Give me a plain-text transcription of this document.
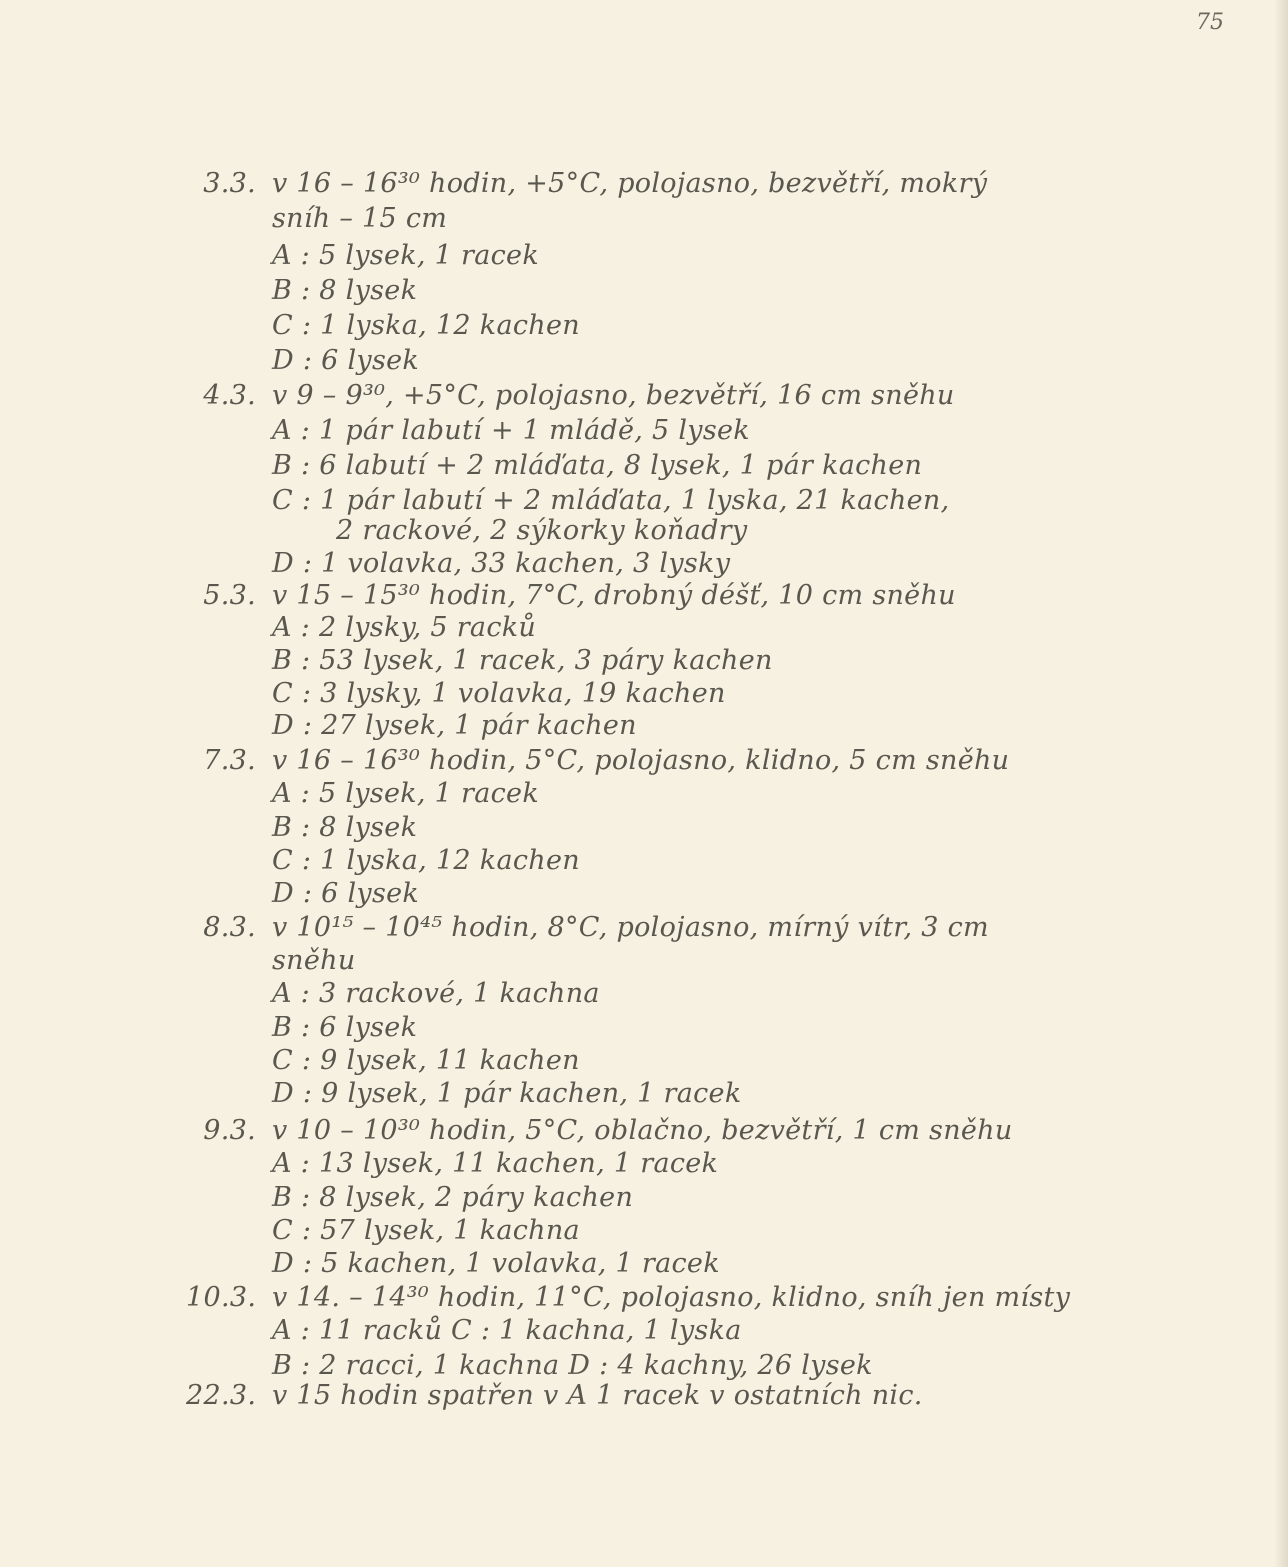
75
3.3. v 16 – 16³⁰ hodin, +5°C, polojasno, bezvětří, mokrý
sníh – 15 cm
A : 5 lysek, 1 racek
B : 8 lysek
C : 1 lyska, 12 kachen
D : 6 lysek
4.3. v 9 – 9³⁰, +5°C, polojasno, bezvětří, 16 cm sněhu
A : 1 pár labutí + 1 mládě, 5 lysek
B : 6 labutí + 2 mláďata, 8 lysek, 1 pár kachen
C : 1 pár labutí + 2 mláďata, 1 lyska, 21 kachen,
2 rackové, 2 sýkorky koňadry
D : 1 volavka, 33 kachen, 3 lysky
5.3. v 15 – 15³⁰ hodin, 7°C, drobný déšť, 10 cm sněhu
A : 2 lysky, 5 racků
B : 53 lysek, 1 racek, 3 páry kachen
C : 3 lysky, 1 volavka, 19 kachen
D : 27 lysek, 1 pár kachen
7.3. v 16 – 16³⁰ hodin, 5°C, polojasno, klidno, 5 cm sněhu
A : 5 lysek, 1 racek
B : 8 lysek
C : 1 lyska, 12 kachen
D : 6 lysek
8.3. v 10¹⁵ – 10⁴⁵ hodin, 8°C, polojasno, mírný vítr, 3 cm
sněhu
A : 3 rackové, 1 kachna
B : 6 lysek
C : 9 lysek, 11 kachen
D : 9 lysek, 1 pár kachen, 1 racek
9.3. v 10 – 10³⁰ hodin, 5°C, oblačno, bezvětří, 1 cm sněhu
A : 13 lysek, 11 kachen, 1 racek
B : 8 lysek, 2 páry kachen
C : 57 lysek, 1 kachna
D : 5 kachen, 1 volavka, 1 racek
10.3. v 14. – 14³⁰ hodin, 11°C, polojasno, klidno, sníh jen místy
A : 11 racků C : 1 kachna, 1 lyska
B : 2 racci, 1 kachna D : 4 kachny, 26 lysek
22.3. v 15 hodin spatřen v A 1 racek v ostatních nic.
